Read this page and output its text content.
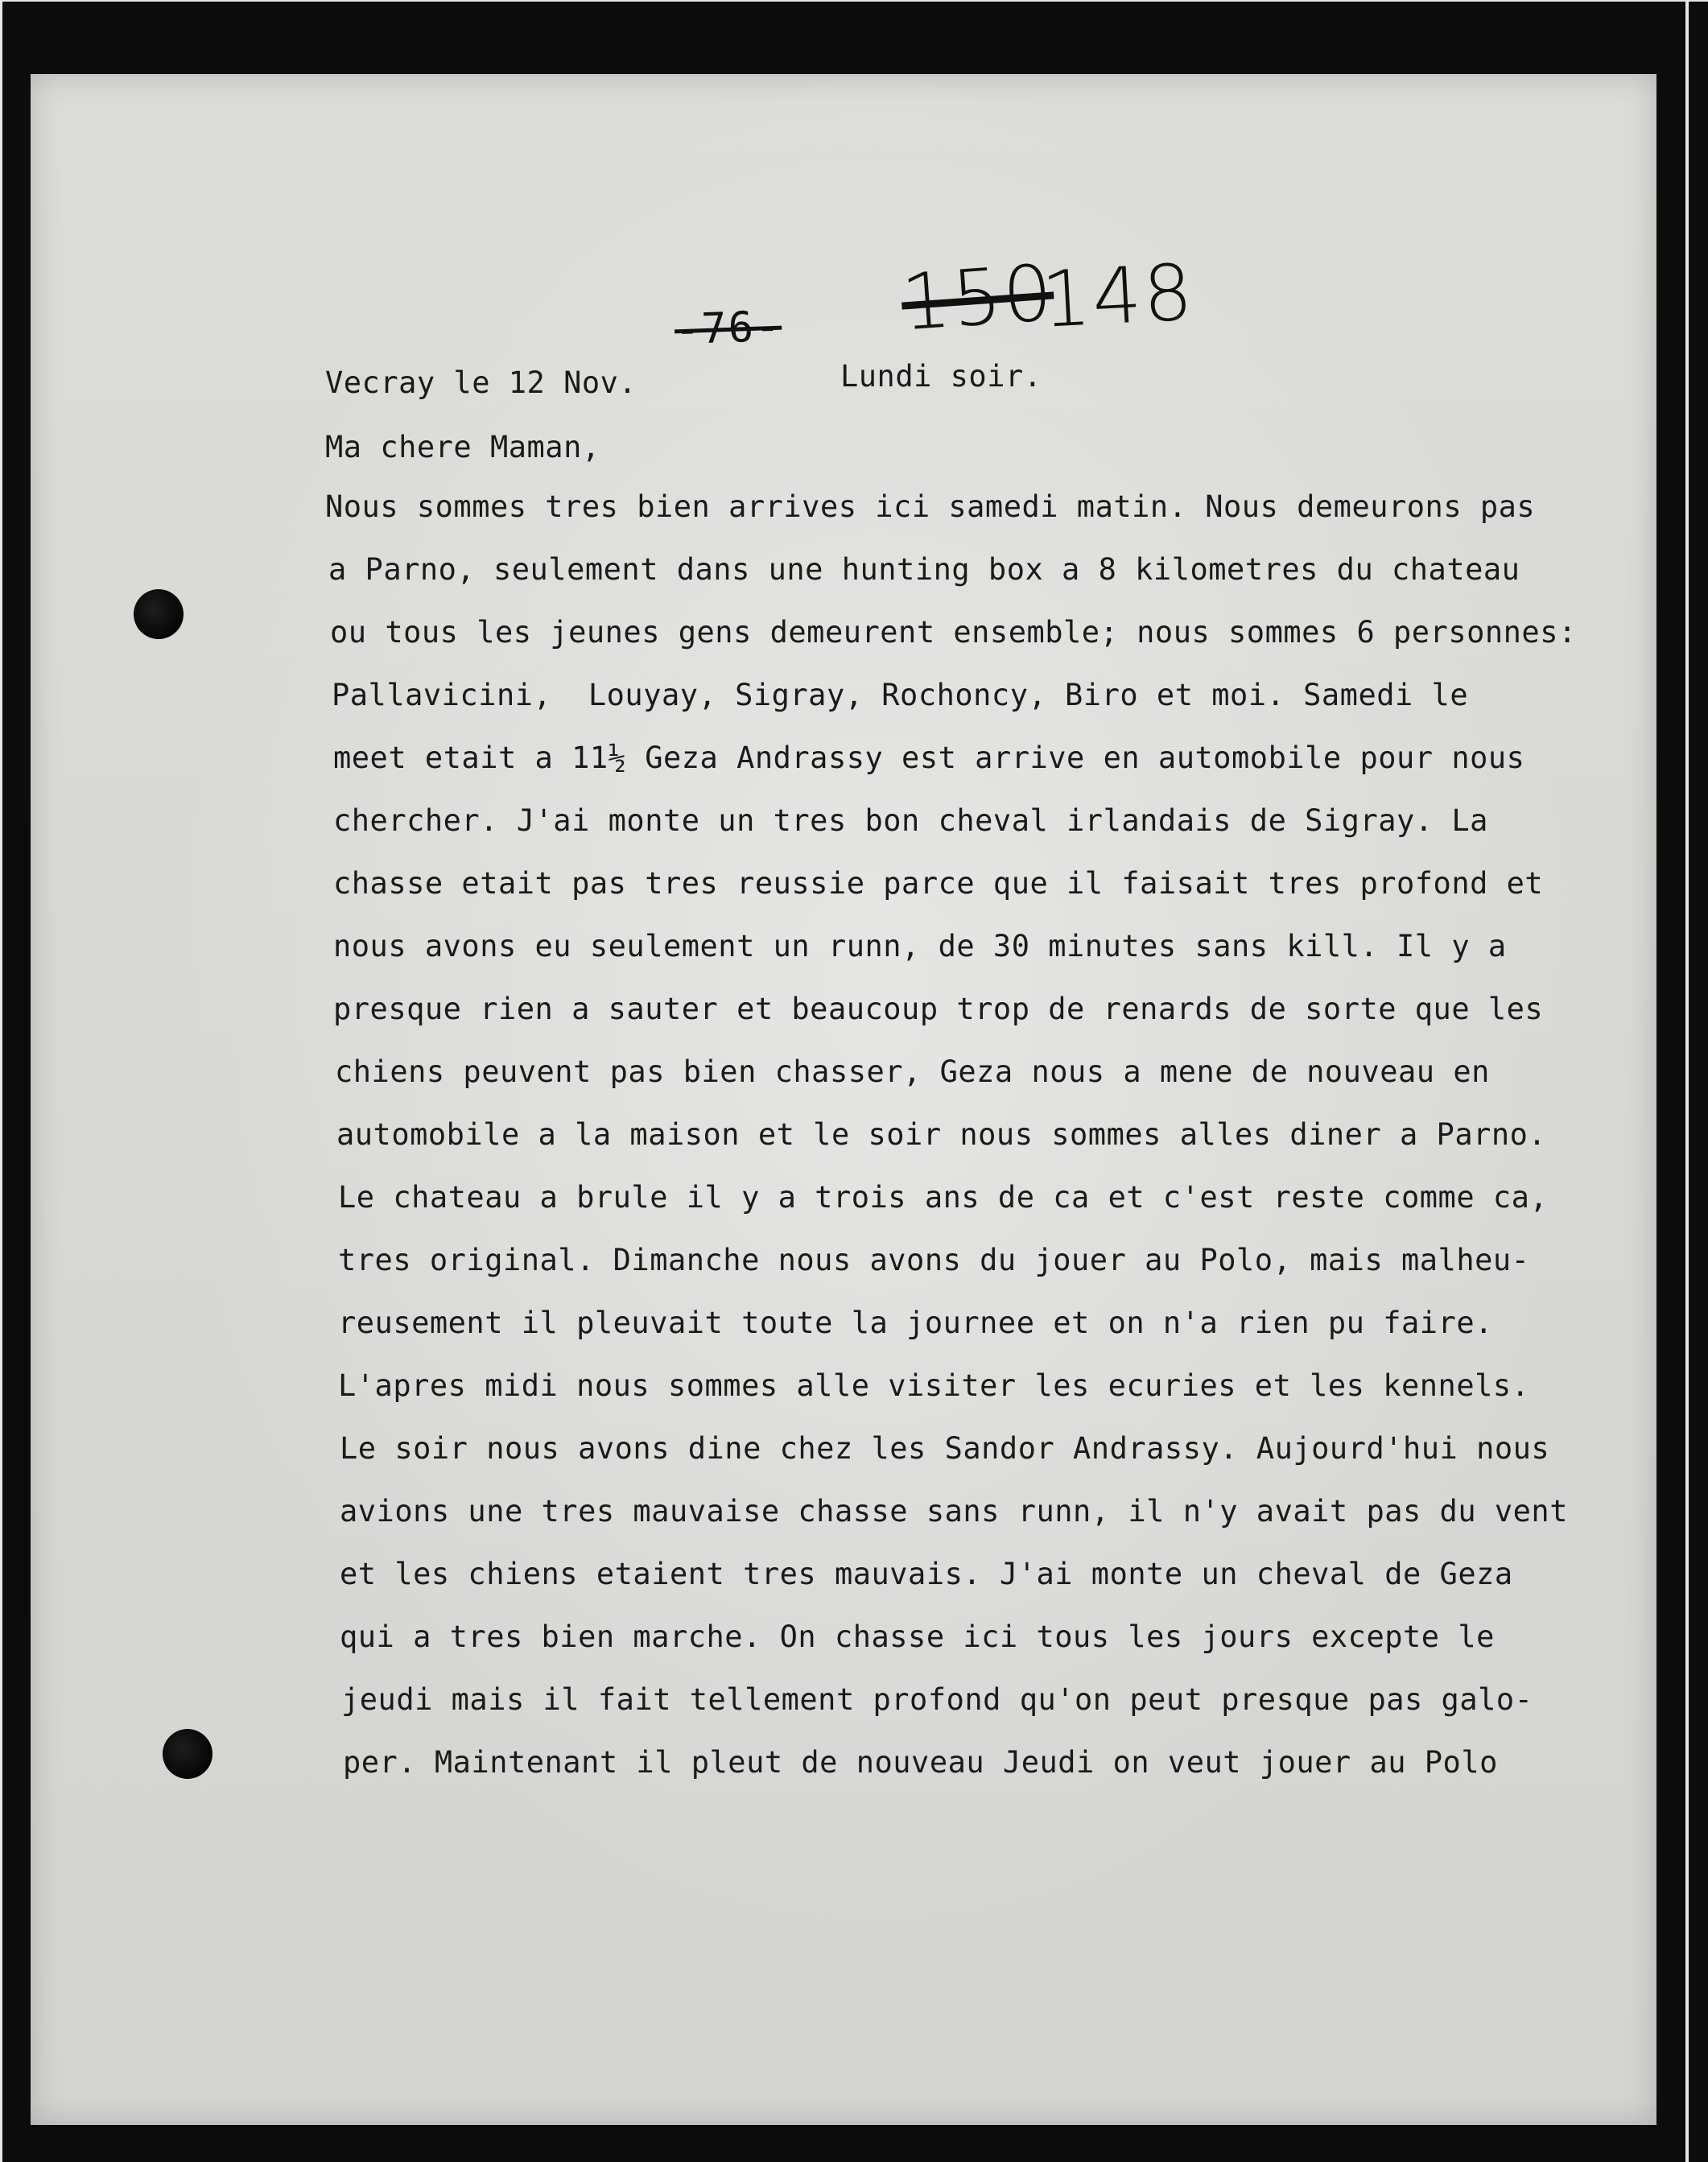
-76- 150
148

Vecray le 12 Nov.

	Lundi soir.

Ma chere Maman,

Nous sommes tres bien arrives ici samedi matin. Nous demeurons pas

a Parno, seulement dans une hunting box a 8 kilometres du chateau

ou tous les jeunes gens demeurent ensemble; nous sommes 6 personnes:

Pallavicini,  Louyay, Sigray, Rochoncy, Biro et moi. Samedi le

meet etait a 11½ Geza Andrassy est arrive en automobile pour nous

chercher. J'ai monte un tres bon cheval irlandais de Sigray. La

chasse etait pas tres reussie parce que il faisait tres profond et

nous avons eu seulement un runn, de 30 minutes sans kill. Il y a

presque rien a sauter et beaucoup trop de renards de sorte que les

chiens peuvent pas bien chasser, Geza nous a mene de nouveau en

automobile a la maison et le soir nous sommes alles diner a Parno.

Le chateau a brule il y a trois ans de ca et c'est reste comme ca,

tres original. Dimanche nous avons du jouer au Polo, mais malheu-

reusement il pleuvait toute la journee et on n'a rien pu faire.

L'apres midi nous sommes alle visiter les ecuries et les kennels.

Le soir nous avons dine chez les Sandor Andrassy. Aujourd'hui nous

avions une tres mauvaise chasse sans runn, il n'y avait pas du vent

et les chiens etaient tres mauvais. J'ai monte un cheval de Geza

qui a tres bien marche. On chasse ici tous les jours excepte le

jeudi mais il fait tellement profond qu'on peut presque pas galo-

per. Maintenant il pleut de nouveau Jeudi on veut jouer au Polo
